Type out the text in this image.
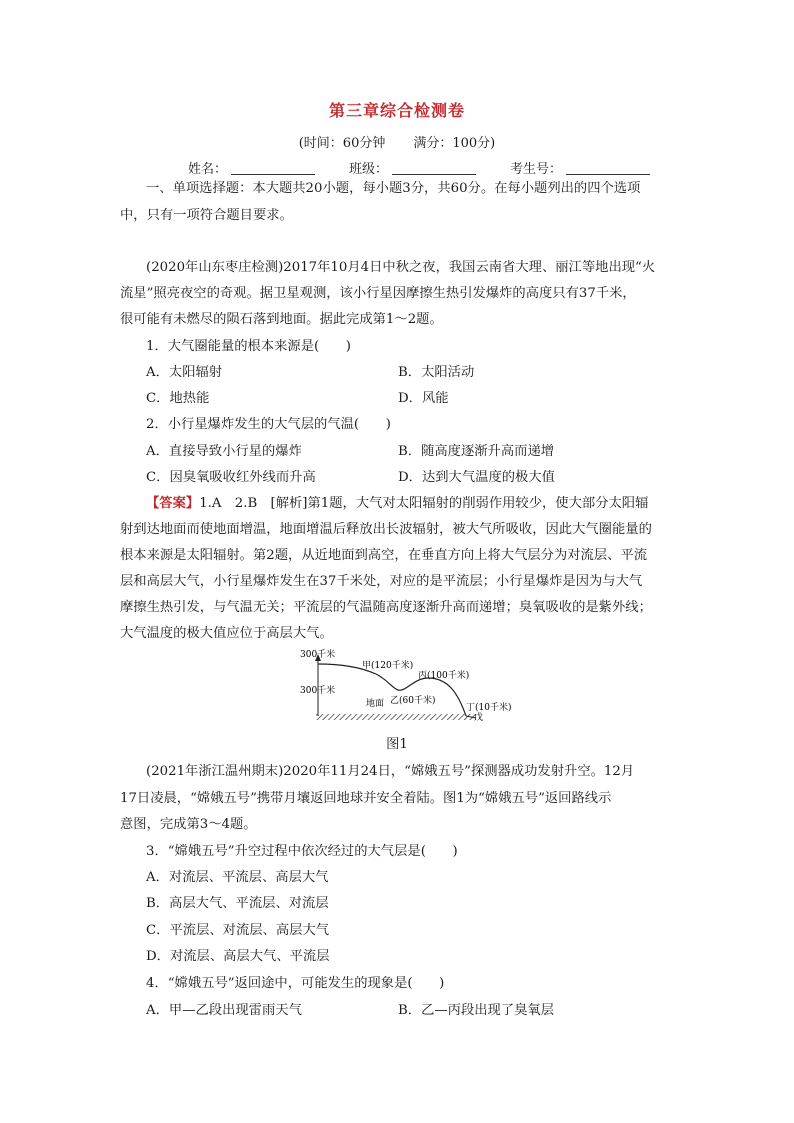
第三章综合检测卷
(时间：60分钟 满分：100分)
姓名：	班级：	考生号：
一、单项选择题：本大题共20小题，每小题3分，共60分。在每小题列出的四个选项
中，只有一项符合题目要求。
(2020年山东枣庄检测)2017年10月4日中秋之夜，我国云南省大理、丽江等地出现“火
流星”照亮夜空的奇观。据卫星观测，该小行星因摩擦生热引发爆炸的高度只有37千米，
很可能有未燃尽的陨石落到地面。据此完成第1～2题。
1．大气圈能量的根本来源是(　　)
A．太阳辐射	B．太阳活动
C．地热能	D．风能
2．小行星爆炸发生的大气层的气温(　　)
A．直接导致小行星的爆炸	B．随高度逐渐升高而递增
C．因臭氧吸收红外线而升高	D．达到大气温度的极大值
【答案】1.A　2.B　[解析]第1题，大气对太阳辐射的削弱作用较少，使大部分太阳辐
射到达地面而使地面增温，地面增温后释放出长波辐射，被大气所吸收，因此大气圈能量的
根本来源是太阳辐射。第2题，从近地面到高空，在垂直方向上将大气层分为对流层、平流
层和高层大气，小行星爆炸发生在37千米处，对应的是平流层；小行星爆炸是因为与大气
摩擦生热引发，与气温无关；平流层的气温随高度逐渐升高而递增；臭氧吸收的是紫外线；
大气温度的极大值应位于高层大气。
300千米
300千米
甲(120千米)
丙(100千米)
地面 乙(60千米)
丁(10千米)
戊
图1
(2021年浙江温州期末)2020年11月24日，“嫦娥五号”探测器成功发射升空。12月
17日凌晨，“嫦娥五号”携带月壤返回地球并安全着陆。图1为“嫦娥五号”返回路线示
意图，完成第3～4题。
3．“嫦娥五号”升空过程中依次经过的大气层是(　　)
A．对流层、平流层、高层大气
B．高层大气、平流层、对流层
C．平流层、对流层、高层大气
D．对流层、高层大气、平流层
4．“嫦娥五号”返回途中，可能发生的现象是(　　)
A．甲—乙段出现雷雨天气	B．乙—丙段出现了臭氧层
